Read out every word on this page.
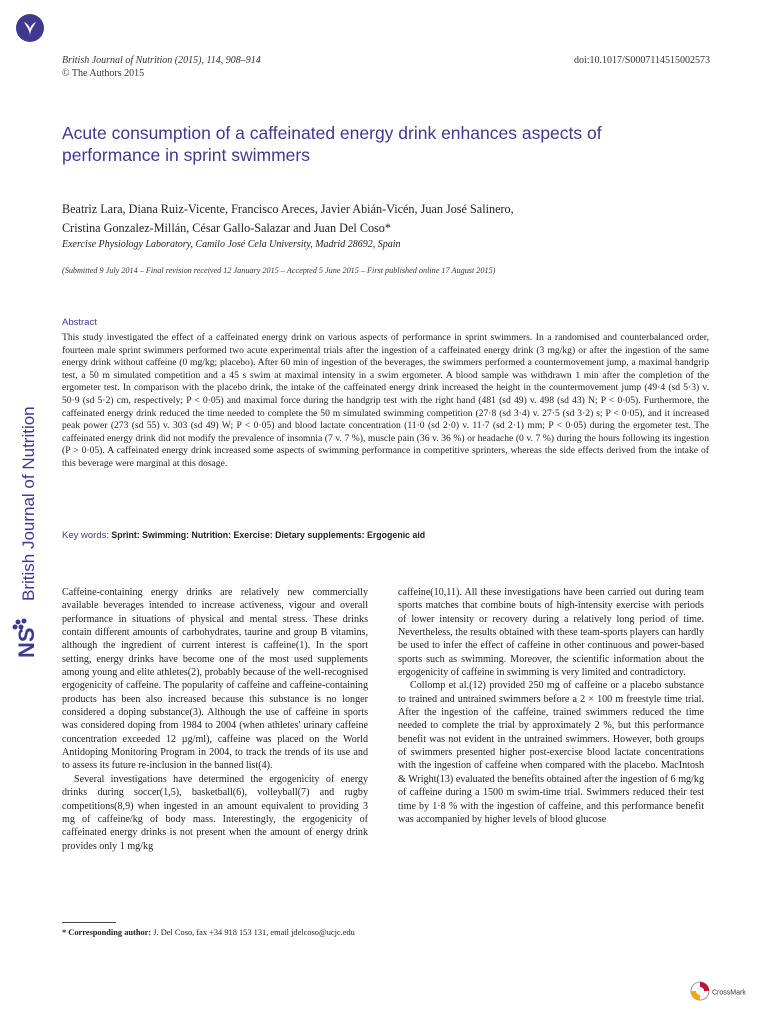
British Journal of Nutrition
NS
British Journal of Nutrition (2015), 114, 908–914
© The Authors 2015
doi:10.1017/S0007114515002573
Acute consumption of a caffeinated energy drink enhances aspects of
performance in sprint swimmers
Beatriz Lara, Diana Ruiz-Vicente, Francisco Areces, Javier Abián-Vicén, Juan José Salinero,
Cristina Gonzalez-Millán, César Gallo-Salazar and Juan Del Coso*
Exercise Physiology Laboratory, Camilo José Cela University, Madrid 28692, Spain
(Submitted 9 July 2014 – Final revision received 12 January 2015 – Accepted 5 June 2015 – First published online 17 August 2015)
Abstract
This study investigated the effect of a caffeinated energy drink on various aspects of performance in sprint swimmers. In a randomised and counterbalanced order, fourteen male sprint swimmers performed two acute experimental trials after the ingestion of a caffeinated energy drink (3 mg/kg) or after the ingestion of the same energy drink without caffeine (0 mg/kg; placebo). After 60 min of ingestion of the beverages, the swimmers performed a countermovement jump, a maximal handgrip test, a 50 m simulated competition and a 45 s swim at maximal intensity in a swim ergometer. A blood sample was withdrawn 1 min after the completion of the ergometer test. In comparison with the placebo drink, the intake of the caffeinated energy drink increased the height in the countermovement jump (49·4 (sd 5·3) v. 50·9 (sd 5·2) cm, respectively; P < 0·05) and maximal force during the handgrip test with the right hand (481 (sd 49) v. 498 (sd 43) N; P < 0·05). Furthermore, the caffeinated energy drink reduced the time needed to complete the 50 m simulated swimming competition (27·8 (sd 3·4) v. 27·5 (sd 3·2) s; P < 0·05), and it increased peak power (273 (sd 55) v. 303 (sd 49) W; P < 0·05) and blood lactate concentration (11·0 (sd 2·0) v. 11·7 (sd 2·1) mm; P < 0·05) during the ergometer test. The caffeinated energy drink did not modify the prevalence of insomnia (7 v. 7 %), muscle pain (36 v. 36 %) or headache (0 v. 7 %) during the hours following its ingestion (P > 0·05). A caffeinated energy drink increased some aspects of swimming performance in competitive sprinters, whereas the side effects derived from the intake of this beverage were marginal at this dosage.
Key words: Sprint: Swimming: Nutrition: Exercise: Dietary supplements: Ergogenic aid

Caffeine-containing energy drinks are relatively new commercially available beverages intended to increase activeness, vigour and overall performance in situations of physical and mental stress. These drinks contain different amounts of carbohydrates, taurine and group B vitamins, although the ingredient of current interest is caffeine(1). In the sport setting, energy drinks have become one of the most used supplements among young and elite athletes(2), probably because of the well-recognised ergogenicity of caffeine. The popularity of caffeine and caffeine-containing products has been also increased because this substance is no longer considered a doping substance(3). Although the use of caffeine in sports was considered doping from 1984 to 2004 (when athletes' urinary caffeine concentration exceeded 12 µg/ml), caffeine was placed on the World Antidoping Monitoring Program in 2004, to track the trends of its use and to assess its future re-inclusion in the banned list(4).

Several investigations have determined the ergogenicity of energy drinks during soccer(1,5), basketball(6), volleyball(7) and rugby competitions(8,9) when ingested in an amount equivalent to providing 3 mg of caffeine/kg of body mass. Interestingly, the ergogenicity of caffeinated energy drinks is not present when the amount of energy drink provides only 1 mg/kg

caffeine(10,11). All these investigations have been carried out during team sports matches that combine bouts of high-intensity exercise with periods of lower intensity or recovery during a relatively long period of time. Nevertheless, the results obtained with these team-sports players can hardly be used to infer the effect of caffeine in other continuous and power-based sports such as swimming. Moreover, the scientific information about the ergogenicity of caffeine in swimming is very limited and contradictory.

Collomp et al.(12) provided 250 mg of caffeine or a placebo substance to trained and untrained swimmers before a 2 × 100 m freestyle time trial. After the ingestion of the caffeine, trained swimmers reduced the time needed to complete the trial by approximately 2 %, but this performance benefit was not evident in the untrained swimmers. However, both groups of swimmers presented higher post-exercise blood lactate concentrations with the ingestion of caffeine when compared with the placebo. MacIntosh & Wright(13) evaluated the benefits obtained after the ingestion of 6 mg/kg of caffeine during a 1500 m swim-time trial. Swimmers reduced their test time by 1·8 % with the ingestion of caffeine, and this performance benefit was accompanied by higher levels of blood glucose

* Corresponding author: J. Del Coso, fax +34 918 153 131, email jdelcoso@ucjc.edu
CrossMark
